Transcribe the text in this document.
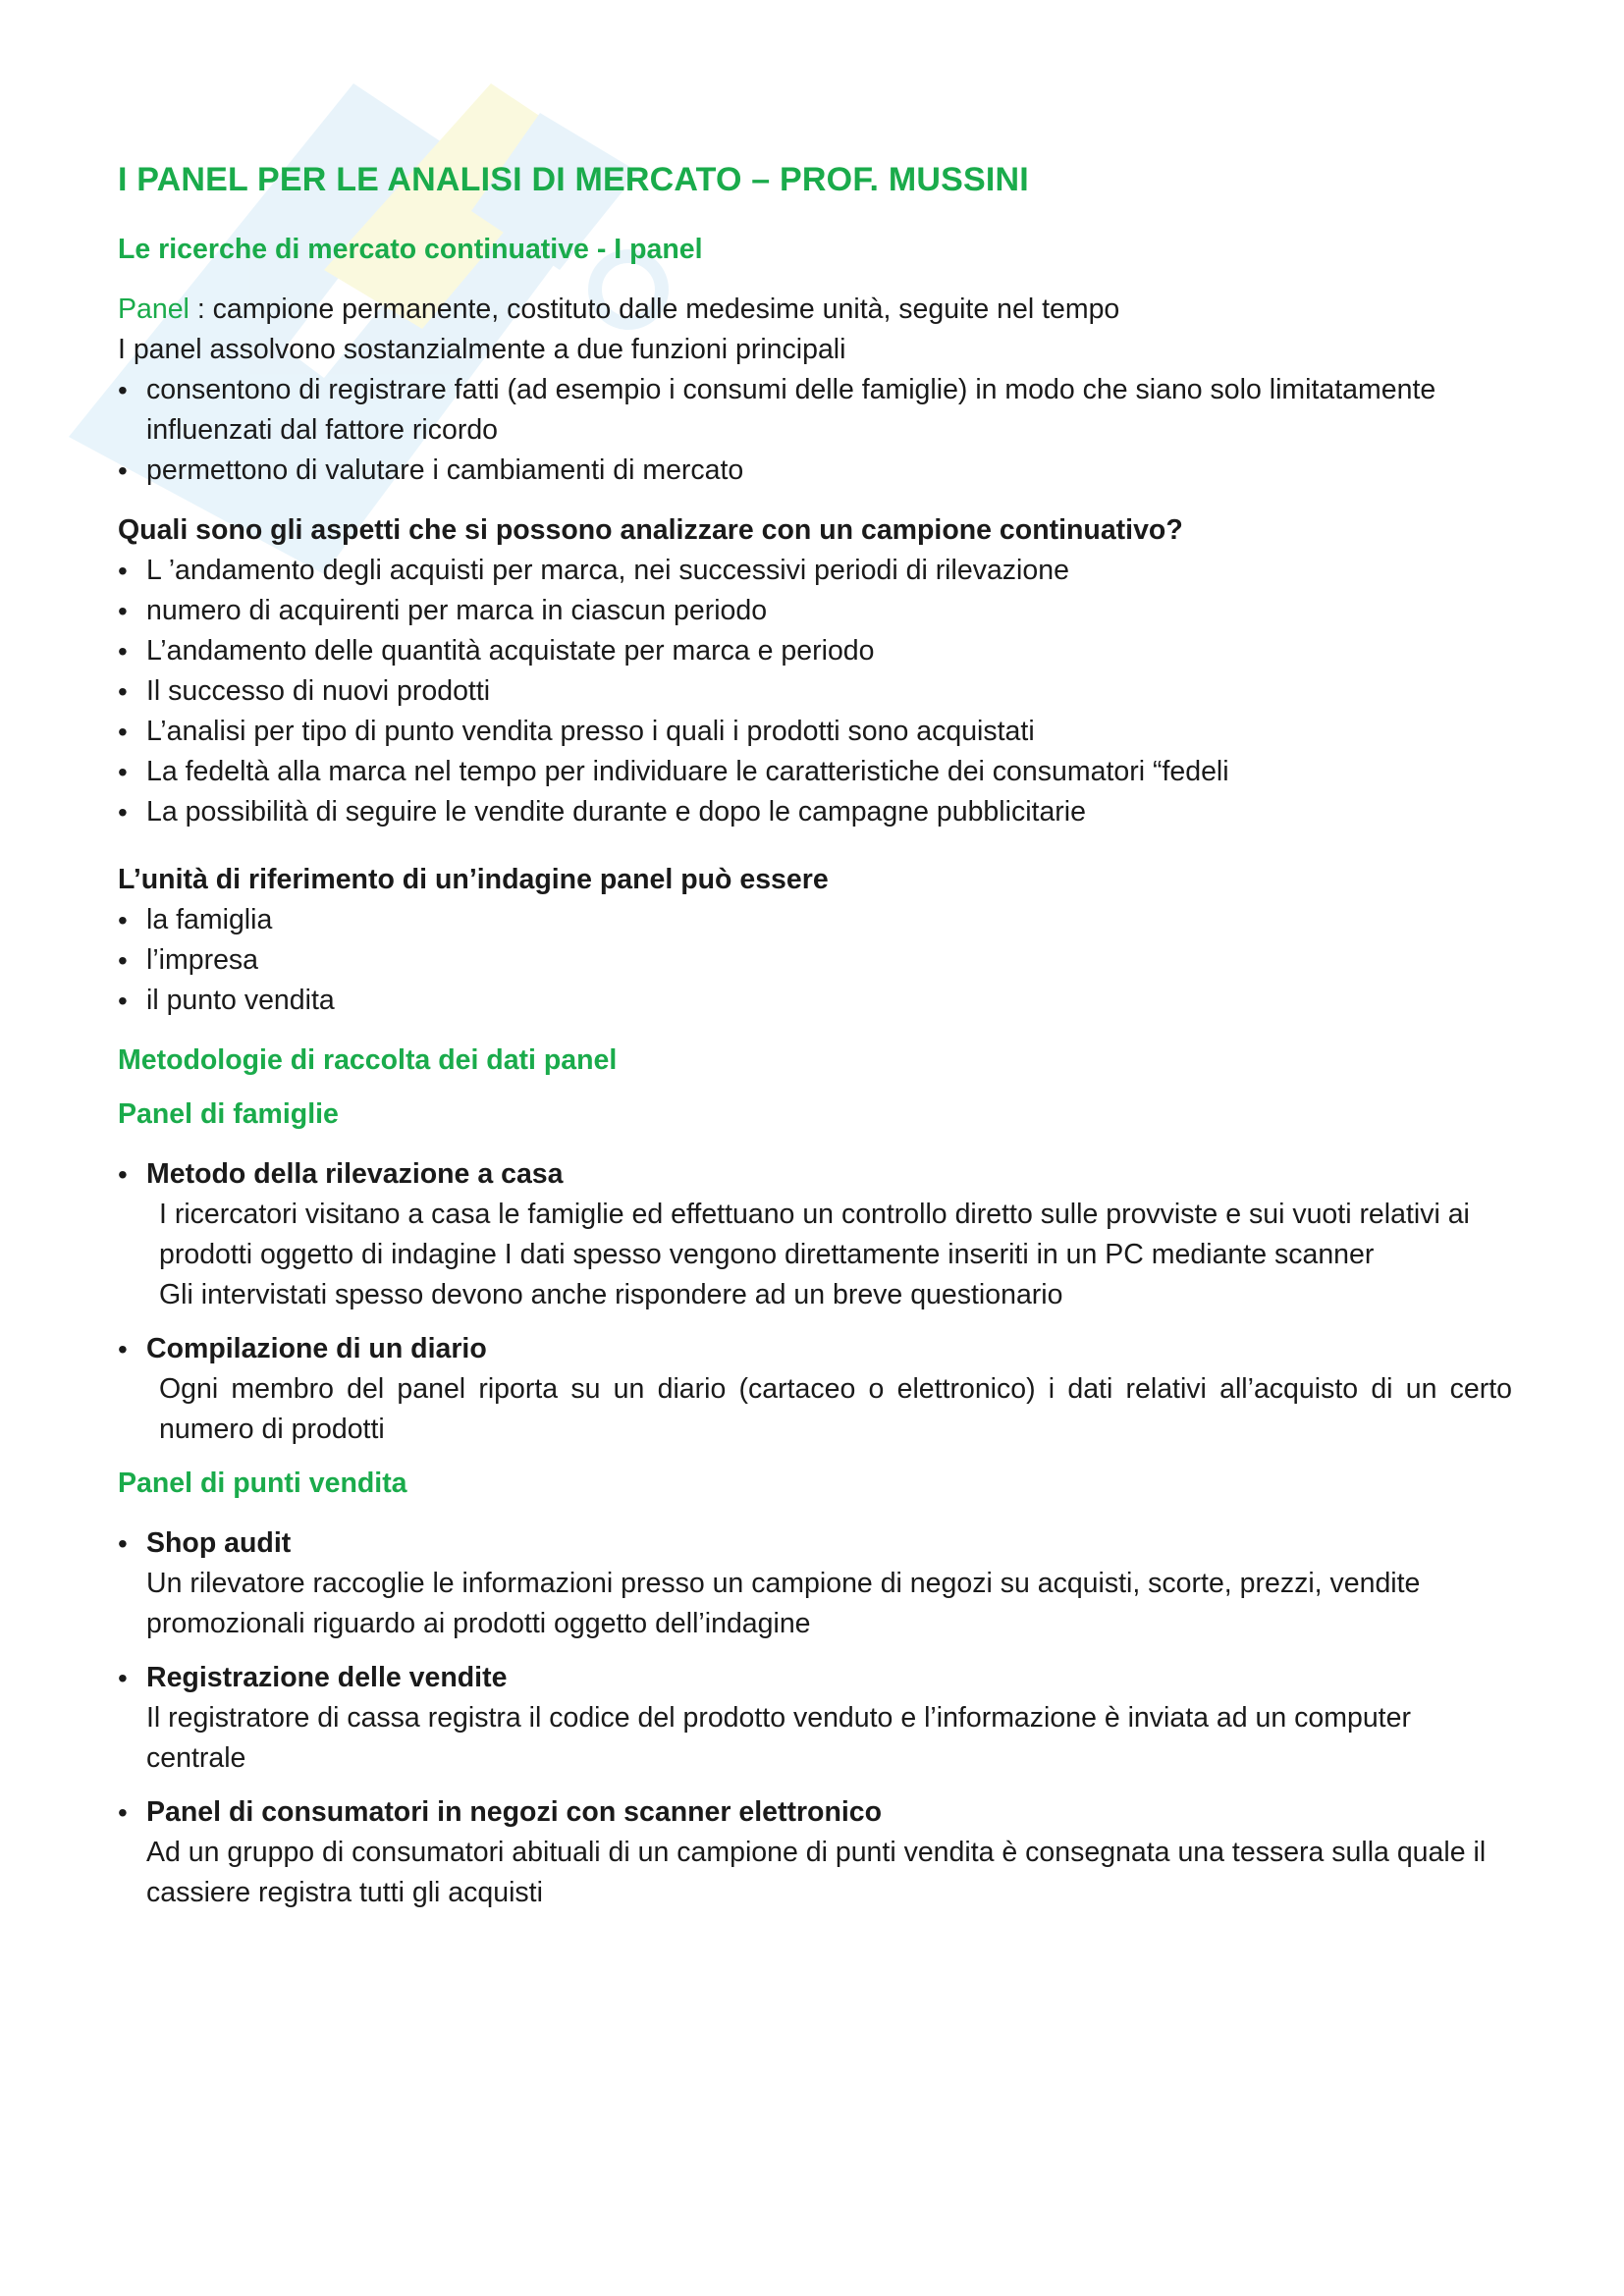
I PANEL PER LE ANALISI DI MERCATO – PROF. MUSSINI
Le ricerche di mercato continuative - I panel

Panel : campione permanente, costituto dalle medesime unità, seguite nel tempo

I panel assolvono sostanzialmente a due funzioni principali

• consentono di registrare fatti (ad esempio i consumi delle famiglie) in modo che siano solo limitatamente influenzati dal fattore ricordo
• permettono di valutare i cambiamenti di mercato

Quali sono gli aspetti che si possono analizzare con un campione continuativo?

• L ’andamento degli acquisti per marca, nei successivi periodi di rilevazione
• numero di acquirenti per marca in ciascun periodo
• L’andamento delle quantità acquistate per marca e periodo
• Il successo di nuovi prodotti
• L’analisi per tipo di punto vendita presso i quali i prodotti sono acquistati
• La fedeltà alla marca nel tempo per individuare le caratteristiche dei consumatori “fedeli
• La possibilità di seguire le vendite durante e dopo le campagne pubblicitarie

L’unità di riferimento di un’indagine panel può essere

• la famiglia
• l’impresa
• il punto vendita
Metodologie di raccolta dei dati panel
Panel di famiglie
• Metodo della rilevazione a casa

I ricercatori visitano a casa le famiglie ed effettuano un controllo diretto sulle provviste e sui vuoti relativi ai prodotti oggetto di indagine I dati spesso vengono direttamente inseriti in un PC mediante scanner

Gli intervistati spesso devono anche rispondere ad un breve questionario

• Compilazione di un diario

Ogni membro del panel riporta su un diario (cartaceo o elettronico) i dati relativi all’acquisto di un certo numero di prodotti

Panel di punti vendita
• Shop audit

Un rilevatore raccoglie le informazioni presso un campione di negozi su acquisti, scorte, prezzi, vendite promozionali riguardo ai prodotti oggetto dell’indagine

• Registrazione delle vendite

Il registratore di cassa registra il codice del prodotto venduto e l’informazione è inviata ad un computer centrale

• Panel di consumatori in negozi con scanner elettronico

Ad un gruppo di consumatori abituali di un campione di punti vendita è consegnata una tessera sulla quale il cassiere registra tutti gli acquisti
